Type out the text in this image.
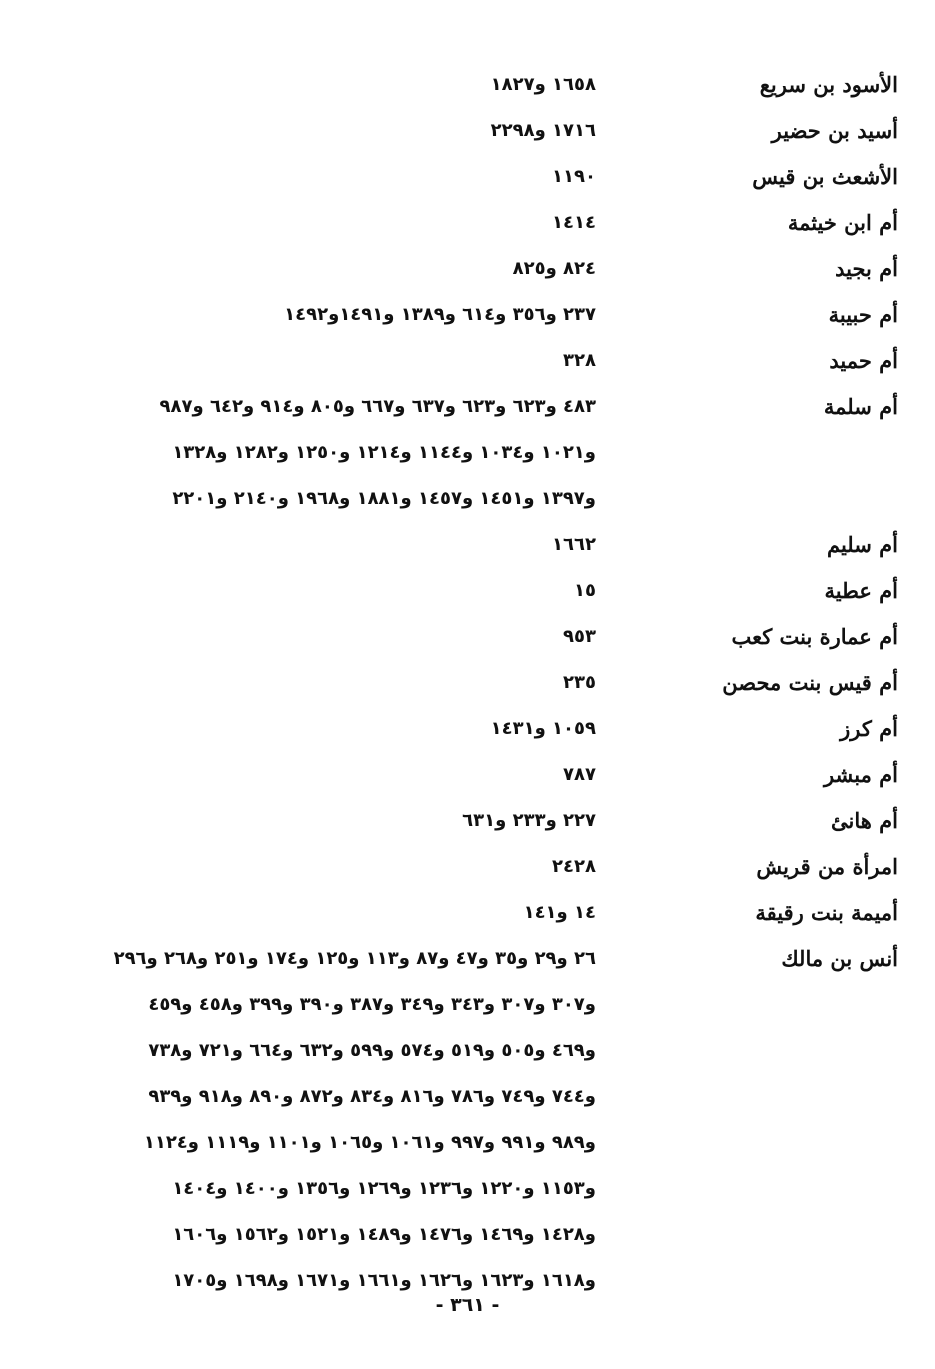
الأسود بن سريع
١٦٥٨ و١٨٢٧
أسيد بن حضير
١٧١٦ و٢٢٩٨
الأشعث بن قيس
١١٩٠
أم ابن خيثمة
١٤١٤
أم بجيد
٨٢٤ و٨٢٥
أم حبيبة
٢٣٧ و٣٥٦ و٦١٤ و١٣٨٩ و١٤٩١و١٤٩٢
أم حميد
٣٢٨
أم سلمة
٤٨٣ و٦٢٣ و٦٢٣ و٦٣٧ و٦٦٧ و٨٠٥ و٩١٤ و٦٤٢ و٩٨٧
و١٠٢١ و١٠٣٤ و١١٤٤ و١٢١٤ و١٢٥٠ و١٢٨٢ و١٣٢٨
و١٣٩٧ و١٤٥١ و١٤٥٧ و١٨٨١ و١٩٦٨ و٢١٤٠ و٢٢٠١
أم سليم
١٦٦٢
أم عطية
١٥
أم عمارة بنت كعب
٩٥٣
أم قيس بنت محصن
٢٣٥
أم كرز
١٠٥٩ و١٤٣١
أم مبشر
٧٨٧
أم هانئ
٢٢٧ و٢٣٣ و٦٣١
امرأة من قريش
٢٤٢٨
أميمة بنت رقيقة
١٤ و١٤١
أنس بن مالك
٢٦ و٢٩ و٣٥ و٤٧ و٨٧ و١١٣ و١٢٥ و١٧٤ و٢٥١ و٢٦٨ و٢٩٦
و٣٠٧ و٣٠٧ و٣٤٣ و٣٤٩ و٣٨٧ و٣٩٠ و٣٩٩ و٤٥٨ و٤٥٩
و٤٦٩ و٥٠٥ و٥١٩ و٥٧٤ و٥٩٩ و٦٣٢ و٦٦٤ و٧٢١ و٧٣٨
و٧٤٤ و٧٤٩ و٧٨٦ و٨١٦ و٨٣٤ و٨٧٢ و٨٩٠ و٩١٨ و٩٣٩
و٩٨٩ و٩٩١ و٩٩٧ و١٠٦١ و١٠٦٥ و١١٠١ و١١١٩ و١١٢٤
و١١٥٣ و١٢٢٠ و١٢٣٦ و١٢٦٩ و١٣٥٦ و١٤٠٠ و١٤٠٤
و١٤٢٨ و١٤٦٩ و١٤٧٦ و١٤٨٩ و١٥٢١ و١٥٦٢ و١٦٠٦
و١٦١٨ و١٦٢٣ و١٦٢٦ و١٦٦١ و١٦٧١ و١٦٩٨ و١٧٠٥
- ٣٦١ -
